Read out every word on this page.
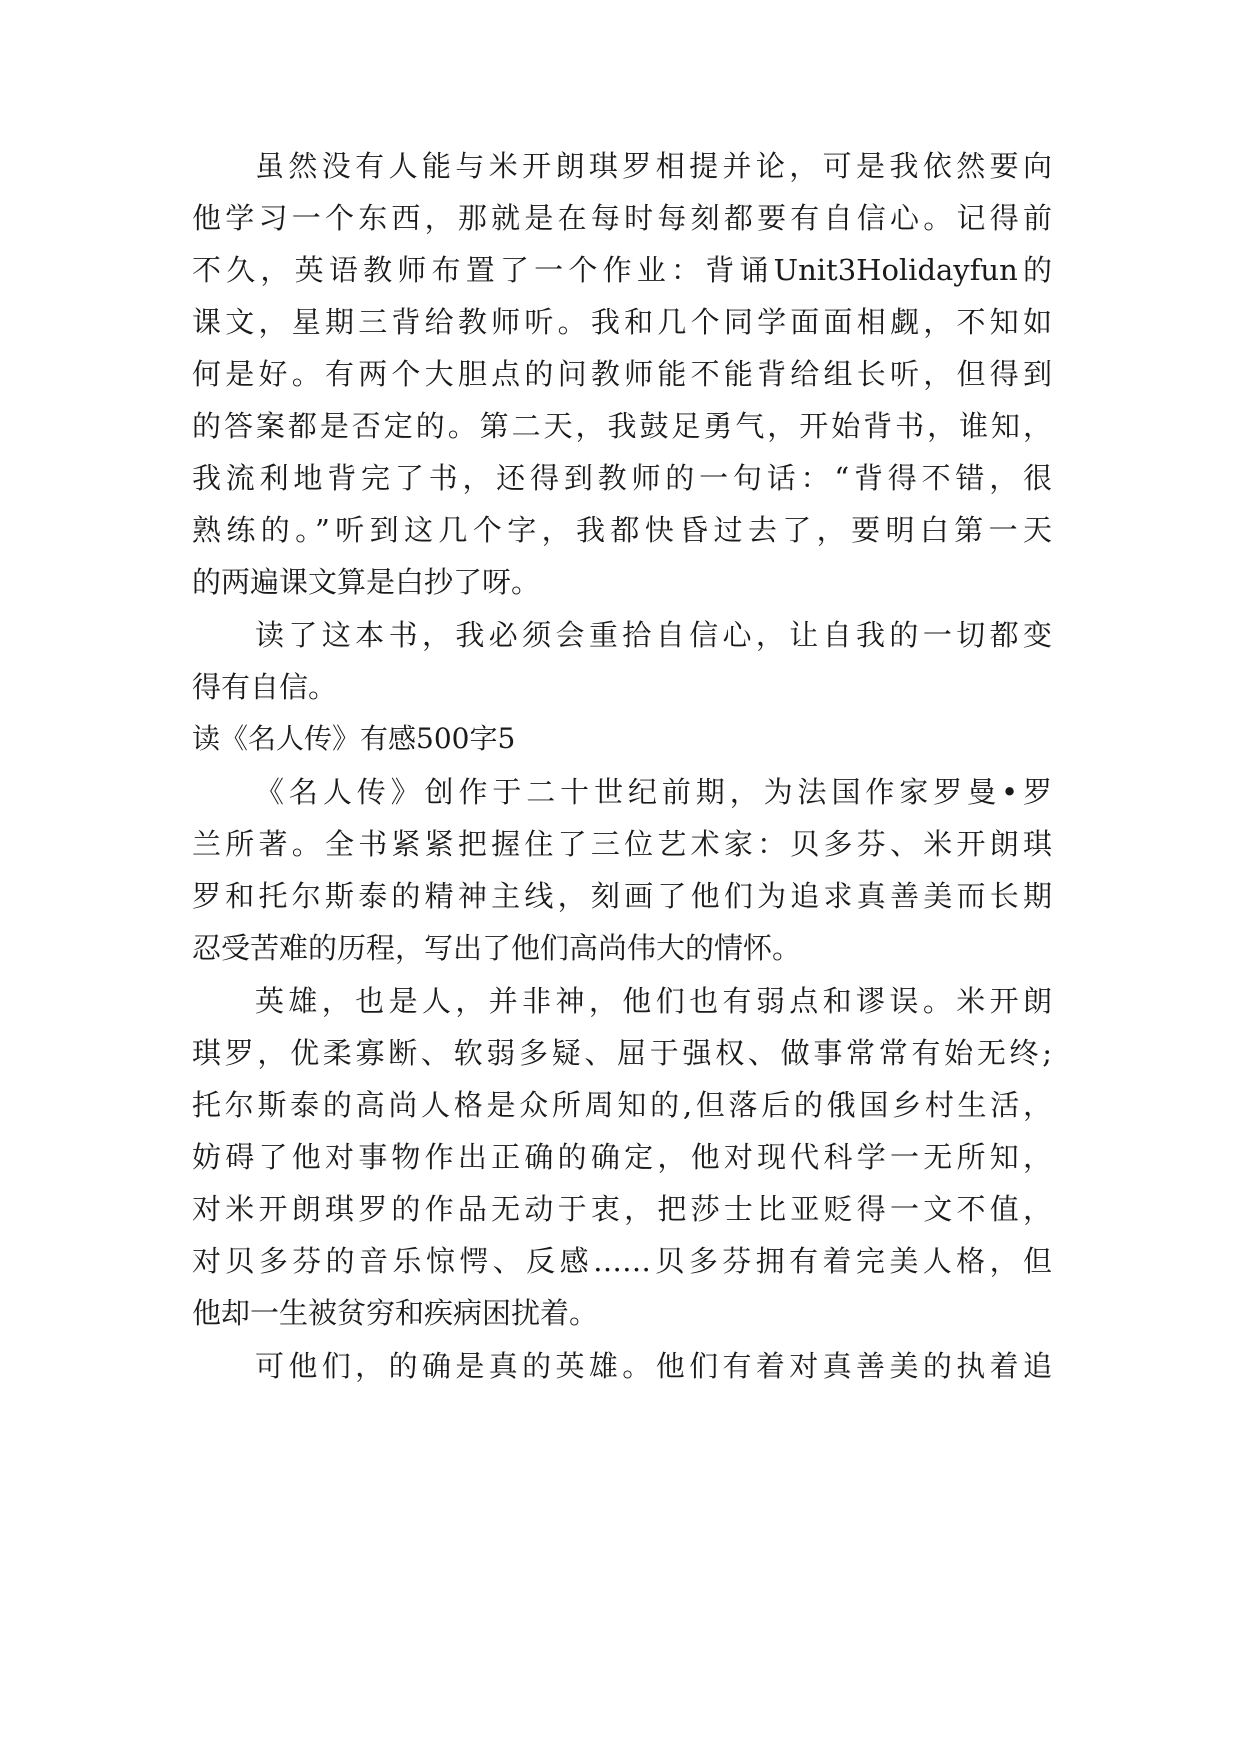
虽然没有人能与米开朗琪罗相提并论，可是我依然要向
他学习一个东西，那就是在每时每刻都要有自信心。记得前
不久，英语教师布置了一个作业：背诵Unit3Holidayfun的
课文，星期三背给教师听。我和几个同学面面相觑，不知如
何是好。有两个大胆点的问教师能不能背给组长听，但得到
的答案都是否定的。第二天，我鼓足勇气，开始背书，谁知，
我流利地背完了书，还得到教师的一句话：“背得不错，很
熟练的。”听到这几个字，我都快昏过去了，要明白第一天
的两遍课文算是白抄了呀。
读了这本书，我必须会重拾自信心，让自我的一切都变
得有自信。
读《名人传》有感500字5
《名人传》创作于二十世纪前期，为法国作家罗曼•罗
兰所著。全书紧紧把握住了三位艺术家：贝多芬、米开朗琪
罗和托尔斯泰的精神主线，刻画了他们为追求真善美而长期
忍受苦难的历程，写出了他们高尚伟大的情怀。
英雄，也是人，并非神，他们也有弱点和谬误。米开朗
琪罗，优柔寡断、软弱多疑、屈于强权、做事常常有始无终;
托尔斯泰的高尚人格是众所周知的,但落后的俄国乡村生活，
妨碍了他对事物作出正确的确定，他对现代科学一无所知，
对米开朗琪罗的作品无动于衷，把莎士比亚贬得一文不值，
对贝多芬的音乐惊愕、反感……贝多芬拥有着完美人格，但
他却一生被贫穷和疾病困扰着。
可他们，的确是真的英雄。他们有着对真善美的执着追
